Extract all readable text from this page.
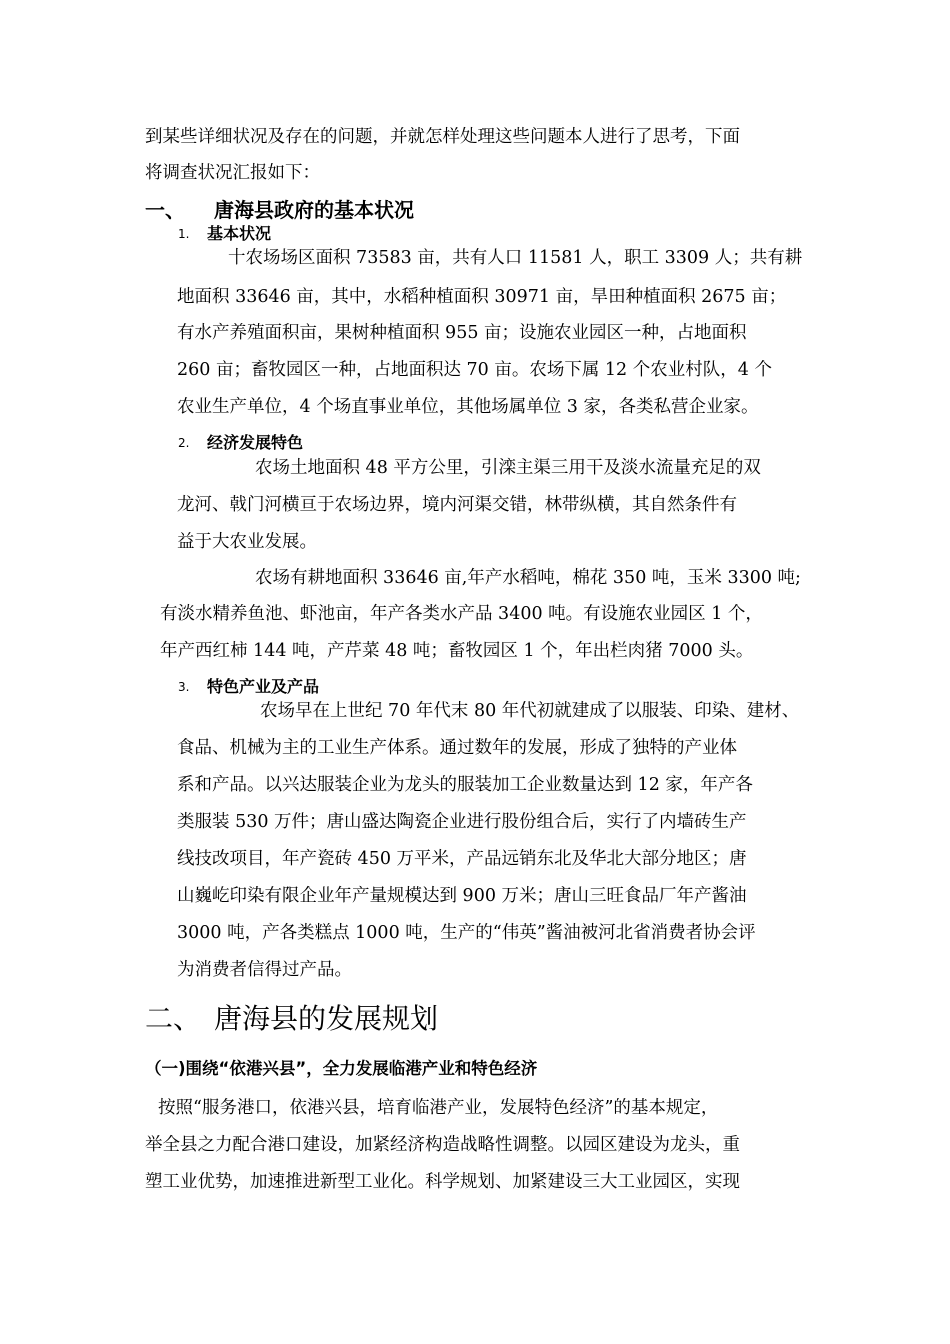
到某些详细状况及存在的问题，并就怎样处理这些问题本人进行了思考，下面
将调查状况汇报如下：
一、 唐海县政府的基本状况
1. 基本状况
十农场场区面积 73583 亩，共有人口 11581 人，职工 3309 人；共有耕
地面积 33646 亩，其中，水稻种植面积 30971 亩，旱田种植面积 2675 亩；
有水产养殖面积亩，果树种植面积 955 亩；设施农业园区一种，占地面积
260 亩；畜牧园区一种，占地面积达 70 亩。农场下属 12 个农业村队，4 个
农业生产单位，4 个场直事业单位，其他场属单位 3 家，各类私营企业家。
2. 经济发展特色
农场土地面积 48 平方公里，引滦主渠三用干及淡水流量充足的双
龙河、戟门河横亘于农场边界，境内河渠交错，林带纵横，其自然条件有
益于大农业发展。
农场有耕地面积 33646 亩,年产水稻吨，棉花 350 吨，玉米 3300 吨;
有淡水精养鱼池、虾池亩，年产各类水产品 3400 吨。有设施农业园区 1 个，
年产西红柿 144 吨，产芹菜 48 吨；畜牧园区 1 个，年出栏肉猪 7000 头。
3. 特色产业及产品
农场早在上世纪 70 年代末 80 年代初就建成了以服装、印染、建材、
食品、机械为主的工业生产体系。通过数年的发展，形成了独特的产业体
系和产品。以兴达服装企业为龙头的服装加工企业数量达到 12 家，年产各
类服装 530 万件；唐山盛达陶瓷企业进行股份组合后，实行了内墙砖生产
线技改项目，年产瓷砖 450 万平米，产品远销东北及华北大部分地区；唐
山巍屹印染有限企业年产量规模达到 900 万米；唐山三旺食品厂年产酱油
3000 吨，产各类糕点 1000 吨，生产的“伟英”酱油被河北省消费者协会评
为消费者信得过产品。
二、 唐海县的发展规划
（一)围绕“依港兴县”，全力发展临港产业和特色经济
按照“服务港口，依港兴县，培育临港产业，发展特色经济”的基本规定，
举全县之力配合港口建设，加紧经济构造战略性调整。以园区建设为龙头，重
塑工业优势，加速推进新型工业化。科学规划、加紧建设三大工业园区，实现
